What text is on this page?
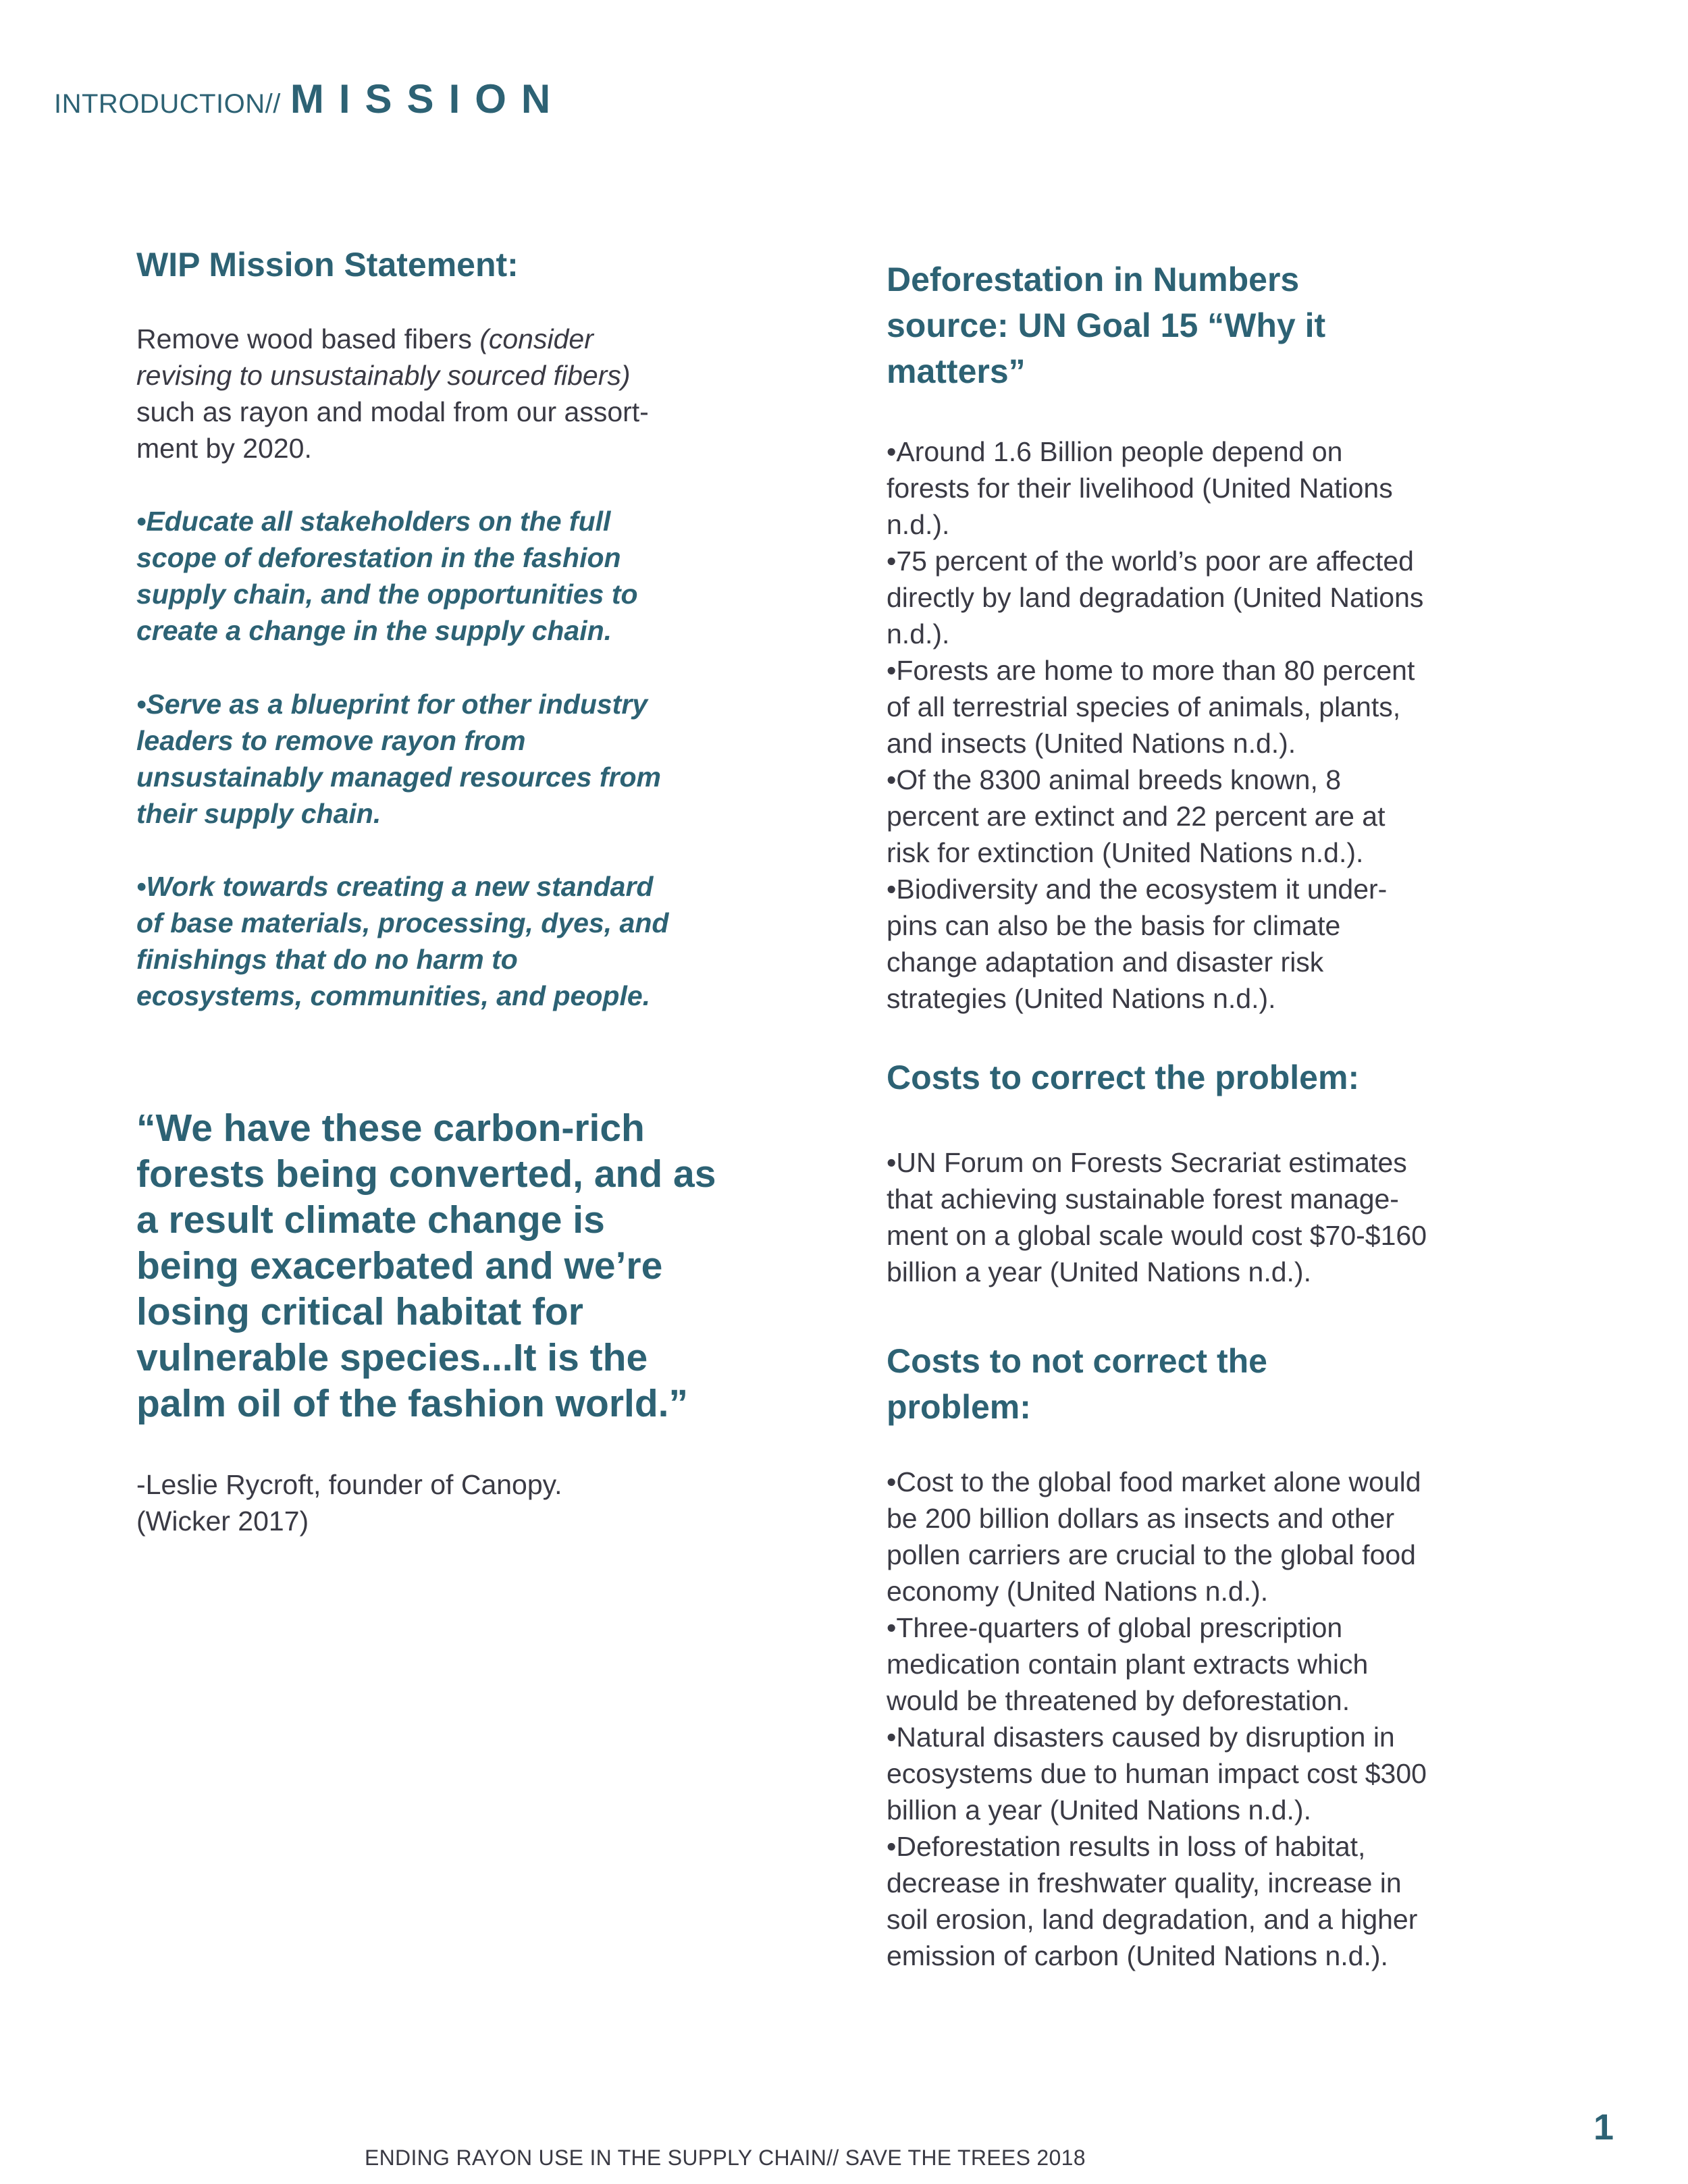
INTRODUCTION// MISSION

WIP Mission Statement:

Remove wood based fibers (consider

revising to unsustainably sourced fibers)

such as rayon and modal from our assort-

ment by 2020.

•Educate all stakeholders on the full

scope of deforestation in the fashion

supply chain, and the opportunities to

create a change in the supply chain.

•Serve as a blueprint for other industry

leaders to remove rayon from

unsustainably managed resources from

their supply chain.

•Work towards creating a new standard

of base materials, processing, dyes, and

finishings that do no harm to

ecosystems, communities, and people.

“We have these carbon-rich

forests being converted, and as

a result climate change is

being exacerbated and we’re

losing critical habitat for

vulnerable species...It is the

palm oil of the fashion world.”

-Leslie Rycroft, founder of Canopy.

(Wicker 2017)

Deforestation in Numbers

source: UN Goal 15 “Why it

matters”

•Around 1.6 Billion people depend on

forests for their livelihood (United Nations

n.d.).

•75 percent of the world’s poor are affected

directly by land degradation (United Nations

n.d.).

•Forests are home to more than 80 percent

of all terrestrial species of animals, plants,

and insects (United Nations n.d.).

•Of the 8300 animal breeds known, 8

percent are extinct and 22 percent are at

risk for extinction (United Nations n.d.).

•Biodiversity and the ecosystem it under-

pins can also be the basis for climate

change adaptation and disaster risk

strategies (United Nations n.d.).

Costs to correct the problem:

•UN Forum on Forests Secrariat estimates

that achieving sustainable forest manage-

ment on a global scale would cost $70-$160

billion a year (United Nations n.d.).

Costs to not correct the

problem:

•Cost to the global food market alone would

be 200 billion dollars as insects and other

pollen carriers are crucial to the global food

economy (United Nations n.d.).

•Three-quarters of global prescription

medication contain plant extracts which

would be threatened by deforestation.

•Natural disasters caused by disruption in

ecosystems due to human impact cost $300

billion a year (United Nations n.d.).

•Deforestation results in loss of habitat,

decrease in freshwater quality, increase in

soil erosion, land degradation, and a higher

emission of carbon (United Nations n.d.).

ENDING RAYON USE IN THE SUPPLY CHAIN// SAVE THE TREES 2018
1
